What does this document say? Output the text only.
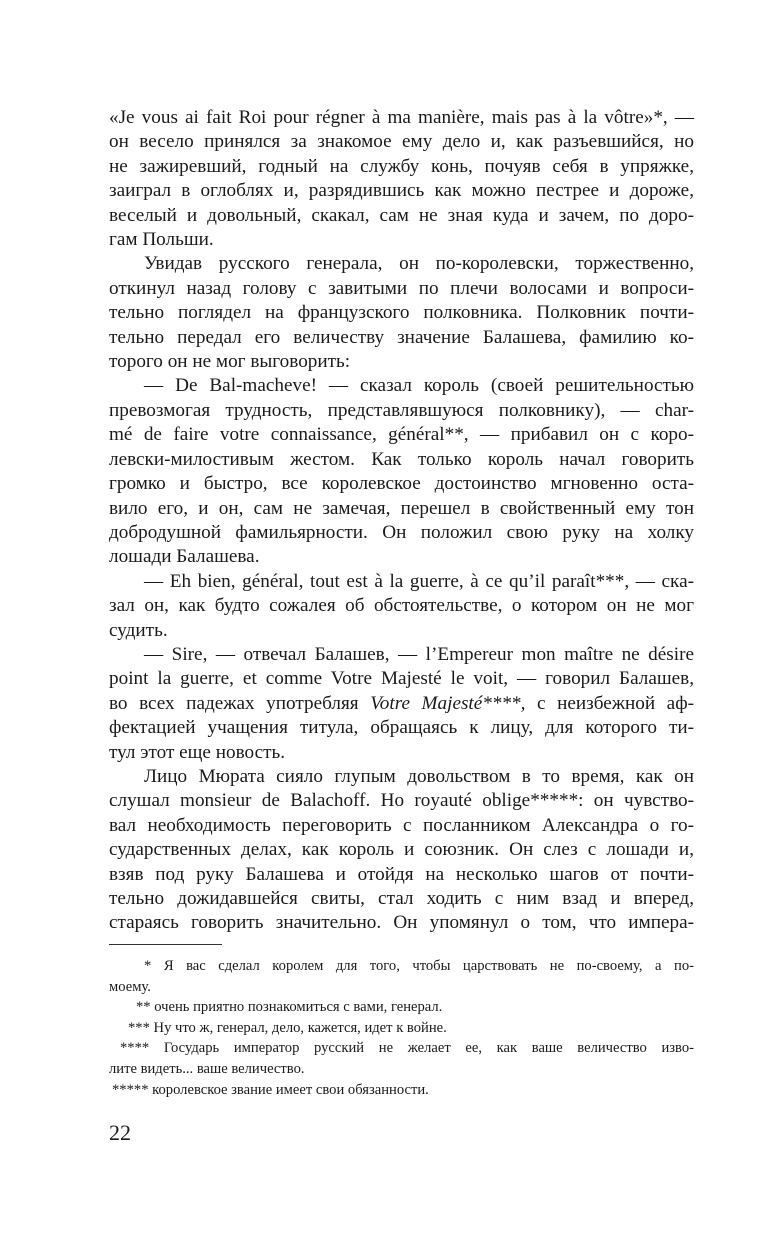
«Je vous ai fait Roi pour régner à ma manière, mais pas à la vôtre»*, —
он весело принялся за знакомое ему дело и, как разъевшийся, но
не зажиревший, годный на службу конь, почуяв себя в упряжке,
заиграл в оглоблях и, разрядившись как можно пестрее и дороже,
веселый и довольный, скакал, сам не зная куда и зачем, по доро-
гам Польши.
Увидав русского генерала, он по-королевски, торжественно,
откинул назад голову с завитыми по плечи волосами и вопроси-
тельно поглядел на французского полковника. Полковник почти-
тельно передал его величеству значение Балашева, фамилию ко-
торого он не мог выговорить:
— De Bal-macheve! — сказал король (своей решительностью
превозмогая трудность, представлявшуюся полковнику), — char-
mé de faire votre connaissance, général**, — прибавил он с коро-
левски-милостивым жестом. Как только король начал говорить
громко и быстро, все королевское достоинство мгновенно оста-
вило его, и он, сам не замечая, перешел в свойственный ему тон
добродушной фамильярности. Он положил свою руку на холку
лошади Балашева.
— Eh bien, général, tout est à la guerre, à ce qu’il paraît***, — ска-
зал он, как будто сожалея об обстоятельстве, о котором он не мог
судить.
— Sire, — отвечал Балашев, — l’Empereur mon maître ne désire
point la guerre, et comme Votre Majesté le voit, — говорил Балашев,
во всех падежах употребляя Votre Majesté****, с неизбежной аф-
фектацией учащения титула, обращаясь к лицу, для которого ти-
тул этот еще новость.
Лицо Мюрата сияло глупым довольством в то время, как он
слушал monsieur de Balachoff. Но royauté oblige*****: он чувство-
вал необходимость переговорить с посланником Александра о го-
сударственных делах, как король и союзник. Он слез с лошади и,
взяв под руку Балашева и отойдя на несколько шагов от почти-
тельно дожидавшейся свиты, стал ходить с ним взад и вперед,
стараясь говорить значительно. Он упомянул о том, что импера-
* Я вас сделал королем для того, чтобы царствовать не по-своему, а по-
моему.
** очень приятно познакомиться с вами, генерал.
*** Ну что ж, генерал, дело, кажется, идет к войне.
**** Государь император русский не желает ее, как ваше величество изво-
лите видеть... ваше величество.
***** королевское звание имеет свои обязанности.
22
